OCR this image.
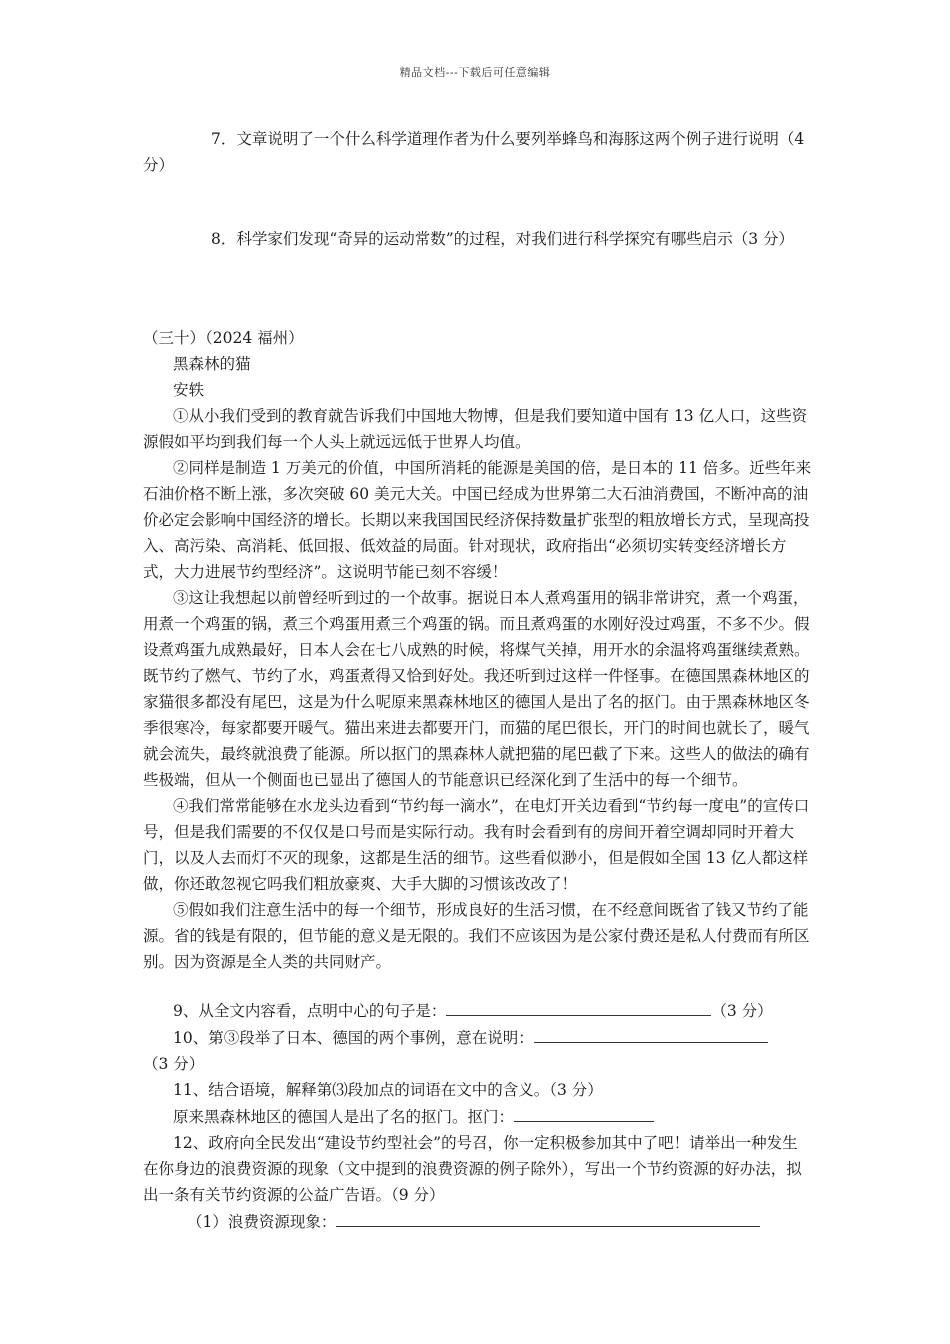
精品文档---下载后可任意编辑

7．文章说明了一个什么科学道理作者为什么要列举蜂鸟和海豚这两个例子进行说明（4 分）

8．科学家们发现“奇异的运动常数”的过程，对我们进行科学探究有哪些启示（3 分）

（三十）（2024 福州）

黑森林的猫

安轶

①从小我们受到的教育就告诉我们中国地大物博，但是我们要知道中国有 13 亿人口，这些资源假如平均到我们每一个人头上就远远低于世界人均值。

②同样是制造 1 万美元的价值，中国所消耗的能源是美国的倍，是日本的 11 倍多。近些年来石油价格不断上涨，多次突破 60 美元大关。中国已经成为世界第二大石油消费国，不断冲高的油价必定会影响中国经济的增长。长期以来我国国民经济保持数量扩张型的粗放增长方式，呈现高投入、高污染、高消耗、低回报、低效益的局面。针对现状，政府指出“必须切实转变经济增长方式，大力进展节约型经济”。这说明节能已刻不容缓！

③这让我想起以前曾经听到过的一个故事。据说日本人煮鸡蛋用的锅非常讲究，煮一个鸡蛋，用煮一个鸡蛋的锅，煮三个鸡蛋用煮三个鸡蛋的锅。而且煮鸡蛋的水刚好没过鸡蛋，不多不少。假设煮鸡蛋九成熟最好，日本人会在七八成熟的时候，将煤气关掉，用开水的余温将鸡蛋继续煮熟。既节约了燃气、节约了水，鸡蛋煮得又恰到好处。我还听到过这样一件怪事。在德国黑森林地区的家猫很多都没有尾巴，这是为什么呢原来黑森林地区的德国人是出了名的抠门。由于黑森林地区冬季很寒冷，每家都要开暖气。猫出来进去都要开门，而猫的尾巴很长，开门的时间也就长了，暖气就会流失，最终就浪费了能源。所以抠门的黑森林人就把猫的尾巴截了下来。这些人的做法的确有些极端，但从一个侧面也已显出了德国人的节能意识已经深化到了生活中的每一个细节。

④我们常常能够在水龙头边看到“节约每一滴水”，在电灯开关边看到“节约每一度电”的宣传口号，但是我们需要的不仅仅是口号而是实际行动。我有时会看到有的房间开着空调却同时开着大门，以及人去而灯不灭的现象，这都是生活的细节。这些看似渺小，但是假如全国 13 亿人都这样做，你还敢忽视它吗我们粗放豪爽、大手大脚的习惯该改改了！

⑤假如我们注意生活中的每一个细节，形成良好的生活习惯，在不经意间既省了钱又节约了能源。省的钱是有限的，但节能的意义是无限的。我们不应该因为是公家付费还是私人付费而有所区别。因为资源是全人类的共同财产。

9、从全文内容看，点明中心的句子是：	（3 分）

10、第③段举了日本、德国的两个事例，意在说明：

（3 分）

11、结合语境，解释第⑶段加点的词语在文中的含义。（3 分）

原来黑森林地区的德国人是出了名的抠门。抠门：

12、政府向全民发出“建设节约型社会”的号召，你一定积极参加其中了吧！请举出一种发生在你身边的浪费资源的现象（文中提到的浪费资源的例子除外），写出一个节约资源的好办法，拟出一条有关节约资源的公益广告语。（9 分）

（1）浪费资源现象：
